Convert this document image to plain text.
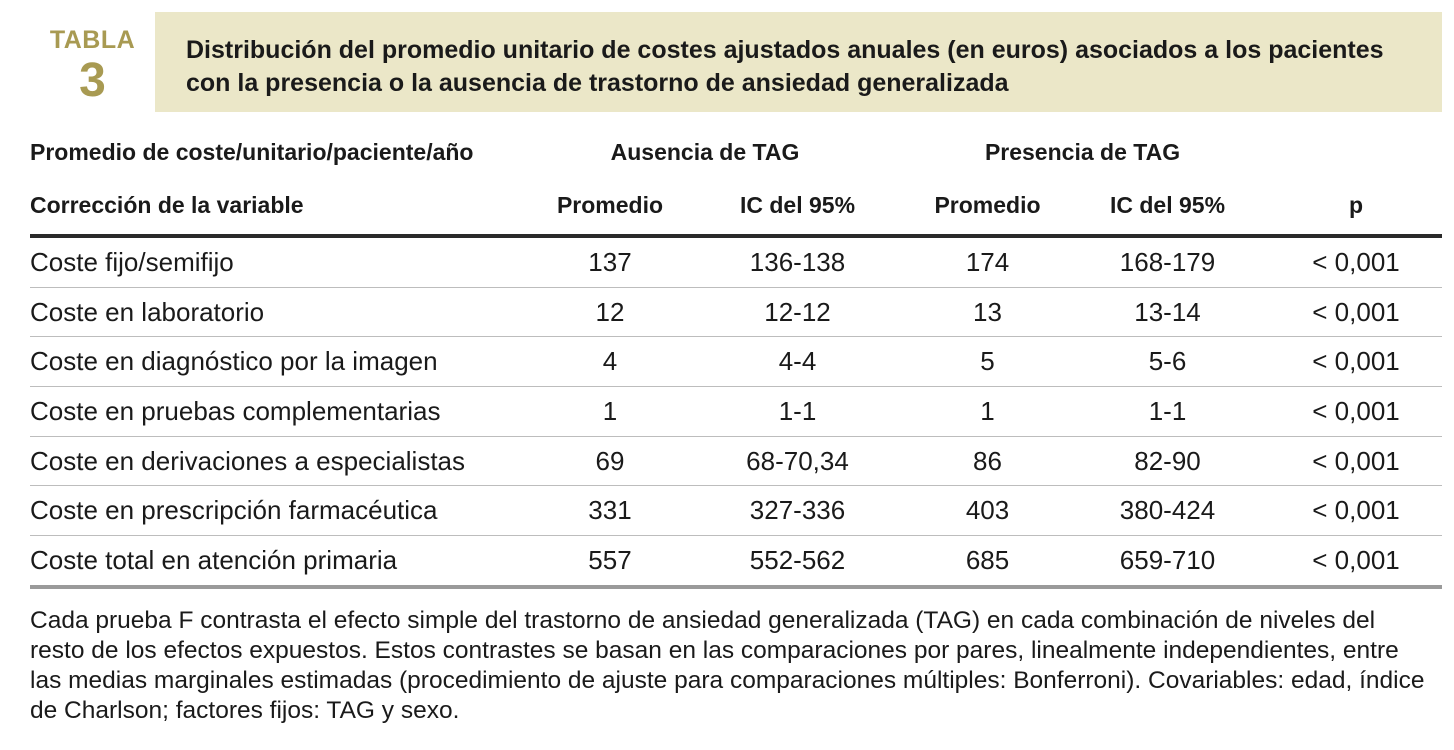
TABLA
3
Distribución del promedio unitario de costes ajustados anuales (en euros) asociados a los pacientes
con la presencia o la ausencia de trastorno de ansiedad generalizada
Promedio de coste/unitario/paciente/año	Ausencia de TAG		Presencia de TAG		
Corrección de la variable	Promedio	IC del 95%	Promedio	IC del 95%	p
Coste fijo/semifijo	137	136-138	174	168-179	< 0,001
Coste en laboratorio	12	12-12	13	13-14	< 0,001
Coste en diagnóstico por la imagen	4	4-4	5	5-6	< 0,001
Coste en pruebas complementarias	1	1-1	1	1-1	< 0,001
Coste en derivaciones a especialistas	69	68-70,34	86	82-90	< 0,001
Coste en prescripción farmacéutica	331	327-336	403	380-424	< 0,001
Coste total en atención primaria	557	552-562	685	659-710	< 0,001
Cada prueba F contrasta el efecto simple del trastorno de ansiedad generalizada (TAG) en cada combinación de niveles del resto de los efectos expuestos. Estos contrastes se basan en las comparaciones por pares, linealmente independientes, entre las medias marginales estimadas (procedimiento de ajuste para comparaciones múltiples: Bonferroni). Covariables: edad, índice de Charlson; factores fijos: TAG y sexo.
